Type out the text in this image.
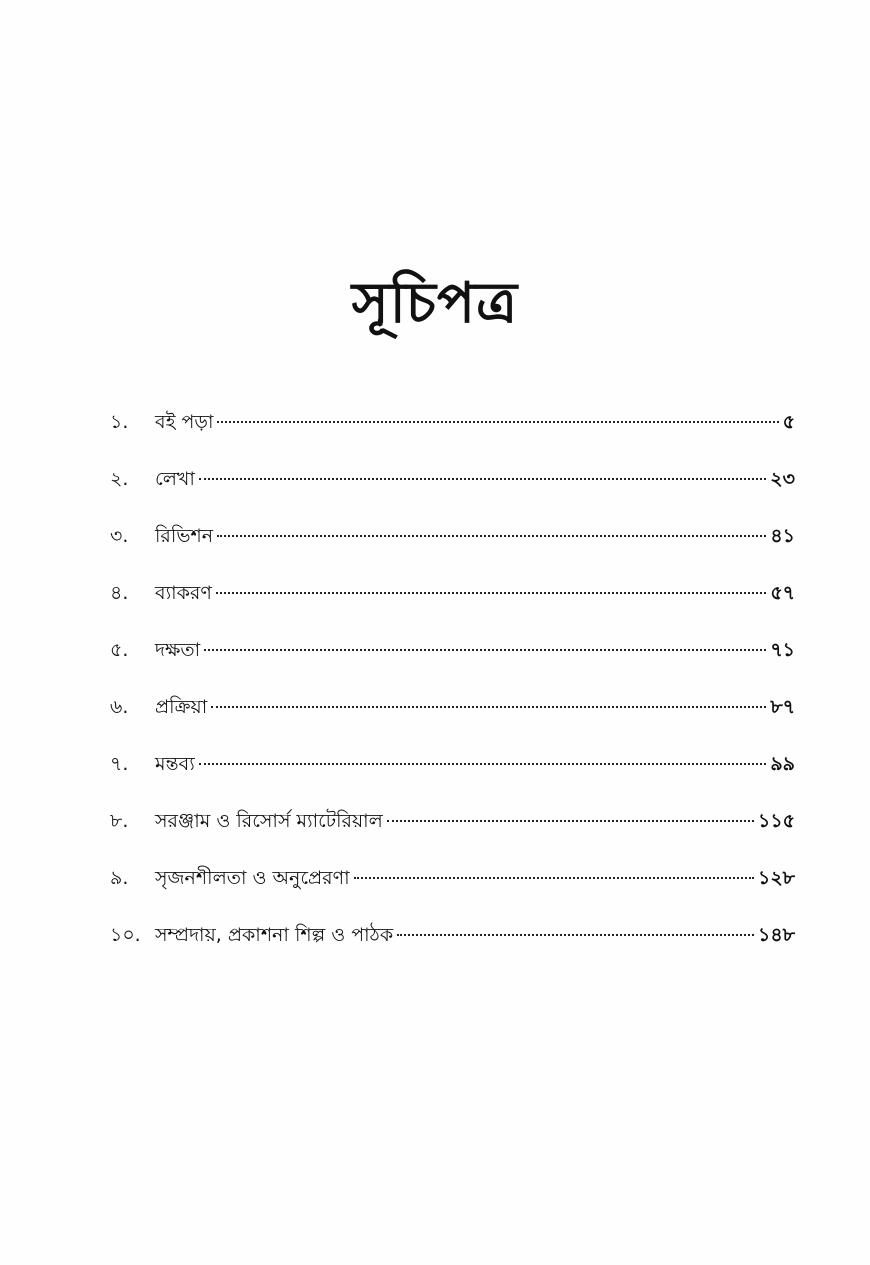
সূচিপত্র
১.	বই পড়া	৫
২.	লেখা	২৩
৩.	রিভিশন	৪১
৪.	ব্যাকরণ	৫৭
৫.	দক্ষতা	৭১
৬.	প্রক্রিয়া	৮৭
৭.	মন্তব্য	৯৯
৮.	সরঞ্জাম ও রিসোর্স ম্যাটেরিয়াল	১১৫
৯.	সৃজনশীলতা ও অনুপ্রেরণা	১২৮
১০. সম্প্রদায়, প্রকাশনা শিল্প ও পাঠক	১৪৮
